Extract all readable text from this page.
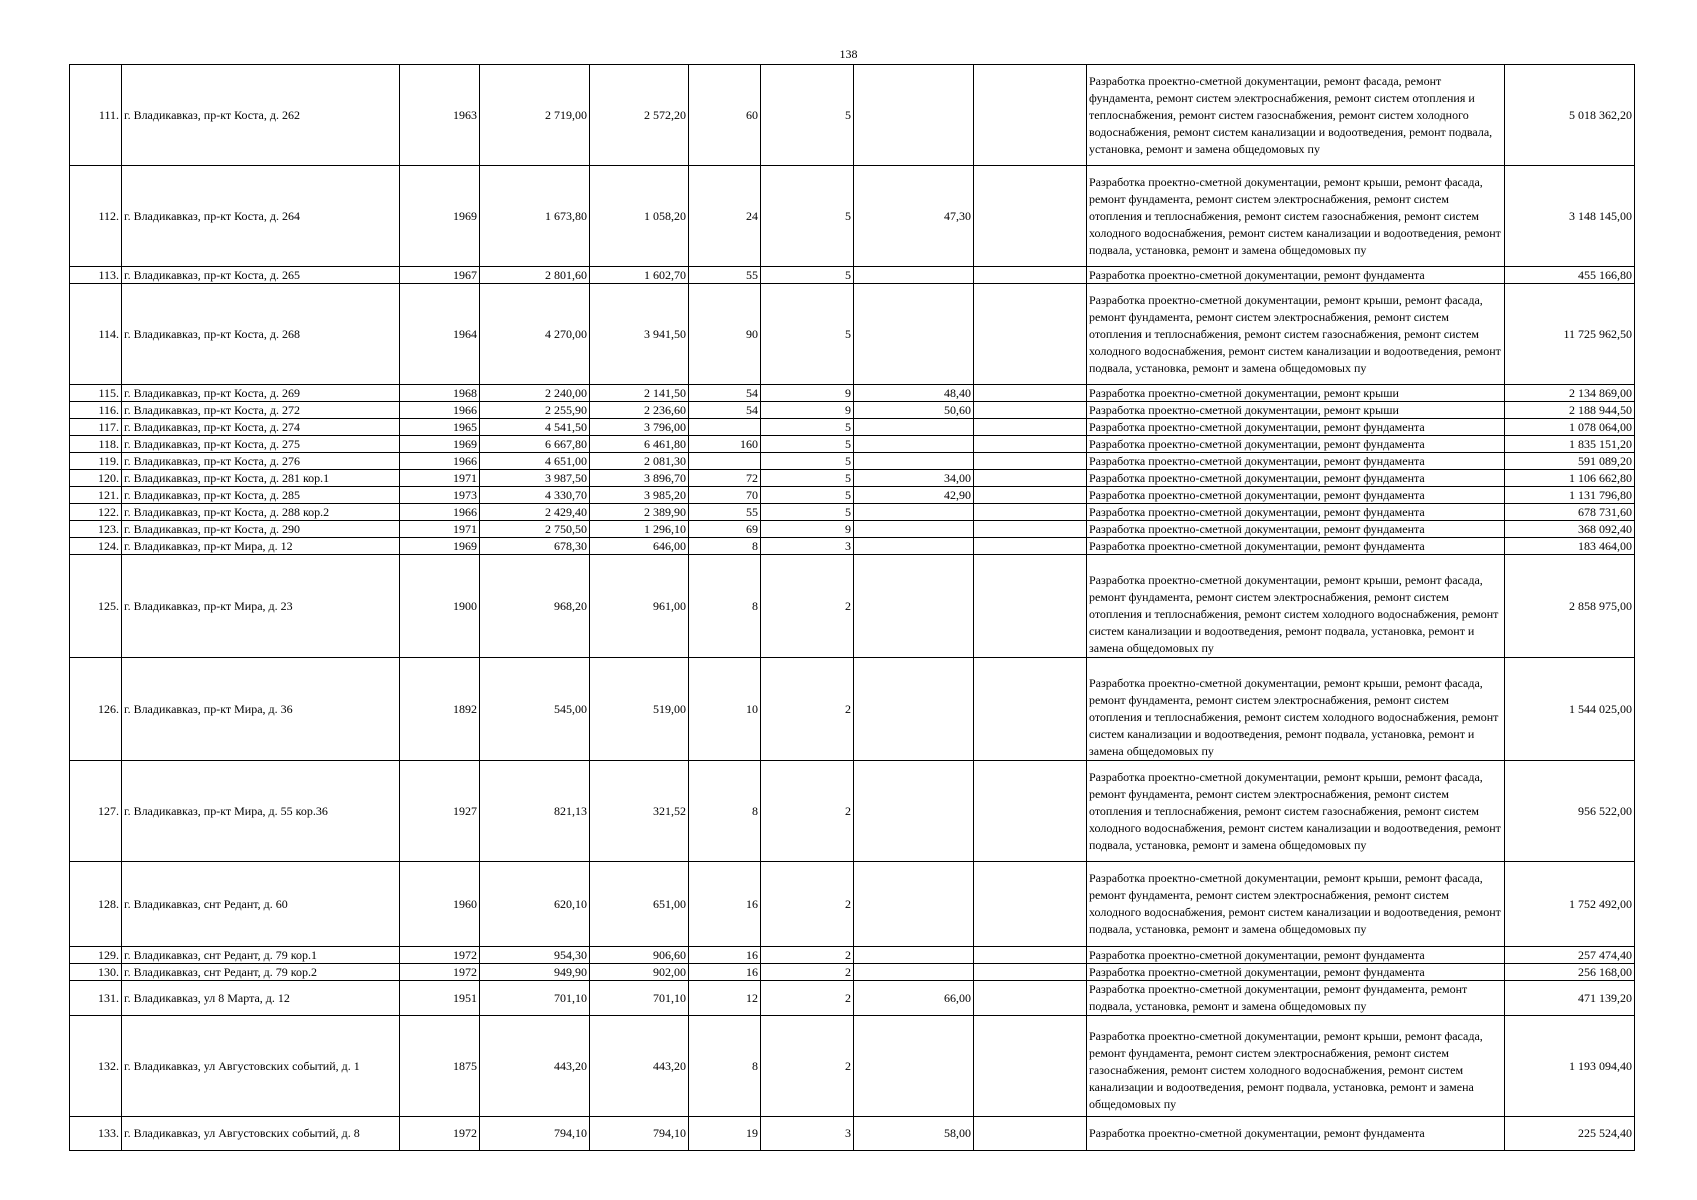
138
111.	г. Владикавказ, пр-кт Коста, д. 262	1963	2 719,00	2 572,20	60	5			Разработка проектно-сметной документации, ремонт фасада, ремонт фундамента, ремонт систем электроснабжения, ремонт систем отопления и теплоснабжения, ремонт систем газоснабжения, ремонт систем холодного водоснабжения, ремонт систем канализации и водоотведения, ремонт подвала, установка, ремонт и замена общедомовых пу	5 018 362,20
112.	г. Владикавказ, пр-кт Коста, д. 264	1969	1 673,80	1 058,20	24	5	47,30		Разработка проектно-сметной документации, ремонт крыши, ремонт фасада, ремонт фундамента, ремонт систем электроснабжения, ремонт систем отопления и теплоснабжения, ремонт систем газоснабжения, ремонт систем холодного водоснабжения, ремонт систем канализации и водоотведения, ремонт подвала, установка, ремонт и замена общедомовых пу	3 148 145,00
113.	г. Владикавказ, пр-кт Коста, д. 265	1967	2 801,60	1 602,70	55	5			Разработка проектно-сметной документации, ремонт фундамента	455 166,80
114.	г. Владикавказ, пр-кт Коста, д. 268	1964	4 270,00	3 941,50	90	5			Разработка проектно-сметной документации, ремонт крыши, ремонт фасада, ремонт фундамента, ремонт систем электроснабжения, ремонт систем отопления и теплоснабжения, ремонт систем газоснабжения, ремонт систем холодного водоснабжения, ремонт систем канализации и водоотведения, ремонт подвала, установка, ремонт и замена общедомовых пу	11 725 962,50
115.	г. Владикавказ, пр-кт Коста, д. 269	1968	2 240,00	2 141,50	54	9	48,40		Разработка проектно-сметной документации, ремонт крыши	2 134 869,00
116.	г. Владикавказ, пр-кт Коста, д. 272	1966	2 255,90	2 236,60	54	9	50,60		Разработка проектно-сметной документации, ремонт крыши	2 188 944,50
117.	г. Владикавказ, пр-кт Коста, д. 274	1965	4 541,50	3 796,00		5			Разработка проектно-сметной документации, ремонт фундамента	1 078 064,00
118.	г. Владикавказ, пр-кт Коста, д. 275	1969	6 667,80	6 461,80	160	5			Разработка проектно-сметной документации, ремонт фундамента	1 835 151,20
119.	г. Владикавказ, пр-кт Коста, д. 276	1966	4 651,00	2 081,30		5			Разработка проектно-сметной документации, ремонт фундамента	591 089,20
120.	г. Владикавказ, пр-кт Коста, д. 281 кор.1	1971	3 987,50	3 896,70	72	5	34,00		Разработка проектно-сметной документации, ремонт фундамента	1 106 662,80
121.	г. Владикавказ, пр-кт Коста, д. 285	1973	4 330,70	3 985,20	70	5	42,90		Разработка проектно-сметной документации, ремонт фундамента	1 131 796,80
122.	г. Владикавказ, пр-кт Коста, д. 288 кор.2	1966	2 429,40	2 389,90	55	5			Разработка проектно-сметной документации, ремонт фундамента	678 731,60
123.	г. Владикавказ, пр-кт Коста, д. 290	1971	2 750,50	1 296,10	69	9			Разработка проектно-сметной документации, ремонт фундамента	368 092,40
124.	г. Владикавказ, пр-кт Мира, д. 12	1969	678,30	646,00	8	3			Разработка проектно-сметной документации, ремонт фундамента	183 464,00
125.	г. Владикавказ, пр-кт Мира, д. 23	1900	968,20	961,00	8	2			Разработка проектно-сметной документации, ремонт крыши, ремонт фасада, ремонт фундамента, ремонт систем электроснабжения, ремонт систем отопления и теплоснабжения, ремонт систем холодного водоснабжения, ремонт систем канализации и водоотведения, ремонт подвала, установка, ремонт и замена общедомовых пу	2 858 975,00
126.	г. Владикавказ, пр-кт Мира, д. 36	1892	545,00	519,00	10	2			Разработка проектно-сметной документации, ремонт крыши, ремонт фасада, ремонт фундамента, ремонт систем электроснабжения, ремонт систем отопления и теплоснабжения, ремонт систем холодного водоснабжения, ремонт систем канализации и водоотведения, ремонт подвала, установка, ремонт и замена общедомовых пу	1 544 025,00
127.	г. Владикавказ, пр-кт Мира, д. 55 кор.36	1927	821,13	321,52	8	2			Разработка проектно-сметной документации, ремонт крыши, ремонт фасада, ремонт фундамента, ремонт систем электроснабжения, ремонт систем отопления и теплоснабжения, ремонт систем газоснабжения, ремонт систем холодного водоснабжения, ремонт систем канализации и водоотведения, ремонт подвала, установка, ремонт и замена общедомовых пу	956 522,00
128.	г. Владикавказ, снт Редант, д. 60	1960	620,10	651,00	16	2			Разработка проектно-сметной документации, ремонт крыши, ремонт фасада, ремонт фундамента, ремонт систем электроснабжения, ремонт систем холодного водоснабжения, ремонт систем канализации и водоотведения, ремонт подвала, установка, ремонт и замена общедомовых пу	1 752 492,00
129.	г. Владикавказ, снт Редант, д. 79 кор.1	1972	954,30	906,60	16	2			Разработка проектно-сметной документации, ремонт фундамента	257 474,40
130.	г. Владикавказ, снт Редант, д. 79 кор.2	1972	949,90	902,00	16	2			Разработка проектно-сметной документации, ремонт фундамента	256 168,00
131.	г. Владикавказ, ул 8 Марта, д. 12	1951	701,10	701,10	12	2	66,00		Разработка проектно-сметной документации, ремонт фундамента, ремонт подвала, установка, ремонт и замена общедомовых пу	471 139,20
132.	г. Владикавказ, ул Августовских событий, д. 1	1875	443,20	443,20	8	2			Разработка проектно-сметной документации, ремонт крыши, ремонт фасада, ремонт фундамента, ремонт систем электроснабжения, ремонт систем газоснабжения, ремонт систем холодного водоснабжения, ремонт систем канализации и водоотведения, ремонт подвала, установка, ремонт и замена общедомовых пу	1 193 094,40
133.	г. Владикавказ, ул Августовских событий, д. 8	1972	794,10	794,10	19	3	58,00		Разработка проектно-сметной документации, ремонт фундамента	225 524,40
